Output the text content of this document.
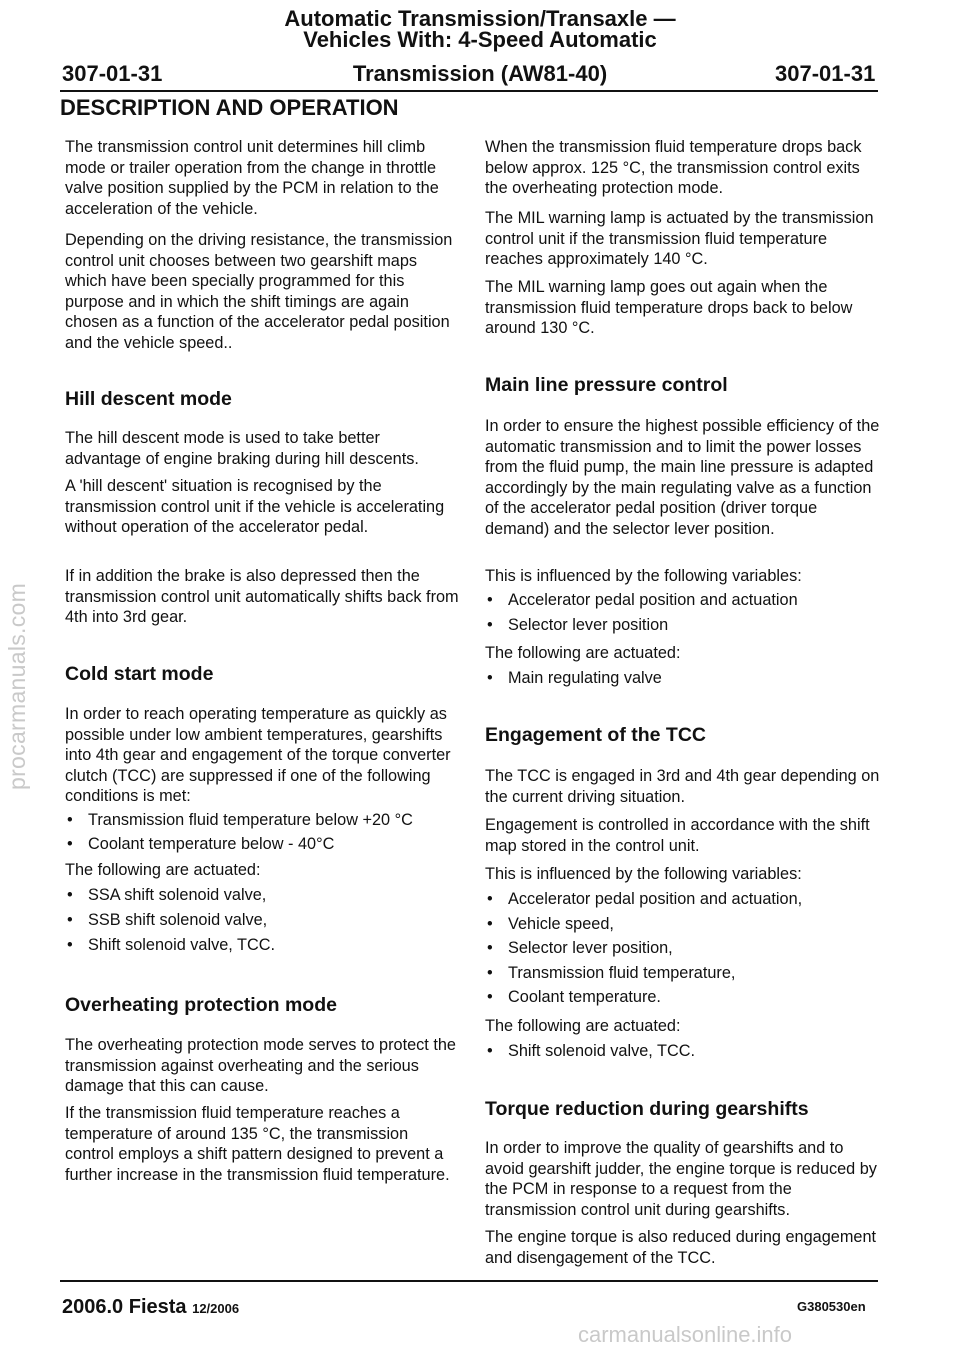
Automatic Transmission/Transaxle —
Vehicles With: 4-Speed Automatic
Transmission (AW81-40)
307-01-31	307-01-31
DESCRIPTION AND OPERATION

The transmission control unit determines hill climb mode or trailer operation from the change in throttle valve position supplied by the PCM in relation to the acceleration of the vehicle.

Depending on the driving resistance, the transmission control unit chooses between two gearshift maps which have been specially programmed for this purpose and in which the shift timings are again chosen as a function of the accelerator pedal position and the vehicle speed..

Hill descent mode

The hill descent mode is used to take better advantage of engine braking during hill descents.

A 'hill descent' situation is recognised by the transmission control unit if the vehicle is accelerating without operation of the accelerator pedal.

If in addition the brake is also depressed then the transmission control unit automatically shifts back from 4th into 3rd gear.

Cold start mode

In order to reach operating temperature as quickly as possible under low ambient temperatures, gearshifts into 4th gear and engagement of the torque converter clutch (TCC) are suppressed if one of the following conditions is met:

• Transmission fluid temperature below +20 °C
• Coolant temperature below - 40°C

The following are actuated:

• SSA shift solenoid valve,
• SSB shift solenoid valve,
• Shift solenoid valve, TCC.
Overheating protection mode

The overheating protection mode serves to protect the transmission against overheating and the serious damage that this can cause.

If the transmission fluid temperature reaches a temperature of around 135 °C, the transmission control employs a shift pattern designed to prevent a further increase in the transmission fluid temperature.

When the transmission fluid temperature drops back below approx. 125 °C, the transmission control exits the overheating protection mode.

The MIL warning lamp is actuated by the transmission control unit if the transmission fluid temperature reaches approximately 140 °C.

The MIL warning lamp goes out again when the transmission fluid temperature drops back to below around 130 °C.

Main line pressure control

In order to ensure the highest possible efficiency of the automatic transmission and to limit the power losses from the fluid pump, the main line pressure is adapted accordingly by the main regulating valve as a function of the accelerator pedal position (driver torque demand) and the selector lever position.

This is influenced by the following variables:

• Accelerator pedal position and actuation
• Selector lever position

The following are actuated:

• Main regulating valve
Engagement of the TCC

The TCC is engaged in 3rd and 4th gear depending on the current driving situation.

Engagement is controlled in accordance with the shift map stored in the control unit.

This is influenced by the following variables:

• Accelerator pedal position and actuation,
• Vehicle speed,
• Selector lever position,
• Transmission fluid temperature,
• Coolant temperature.

The following are actuated:

• Shift solenoid valve, TCC.
Torque reduction during gearshifts

In order to improve the quality of gearshifts and to avoid gearshift judder, the engine torque is reduced by the PCM in response to a request from the transmission control unit during gearshifts.

The engine torque is also reduced during engagement and disengagement of the TCC.

2006.0 Fiesta 12/2006	G380530en
procarmanuals.com
carmanualsonline.info
